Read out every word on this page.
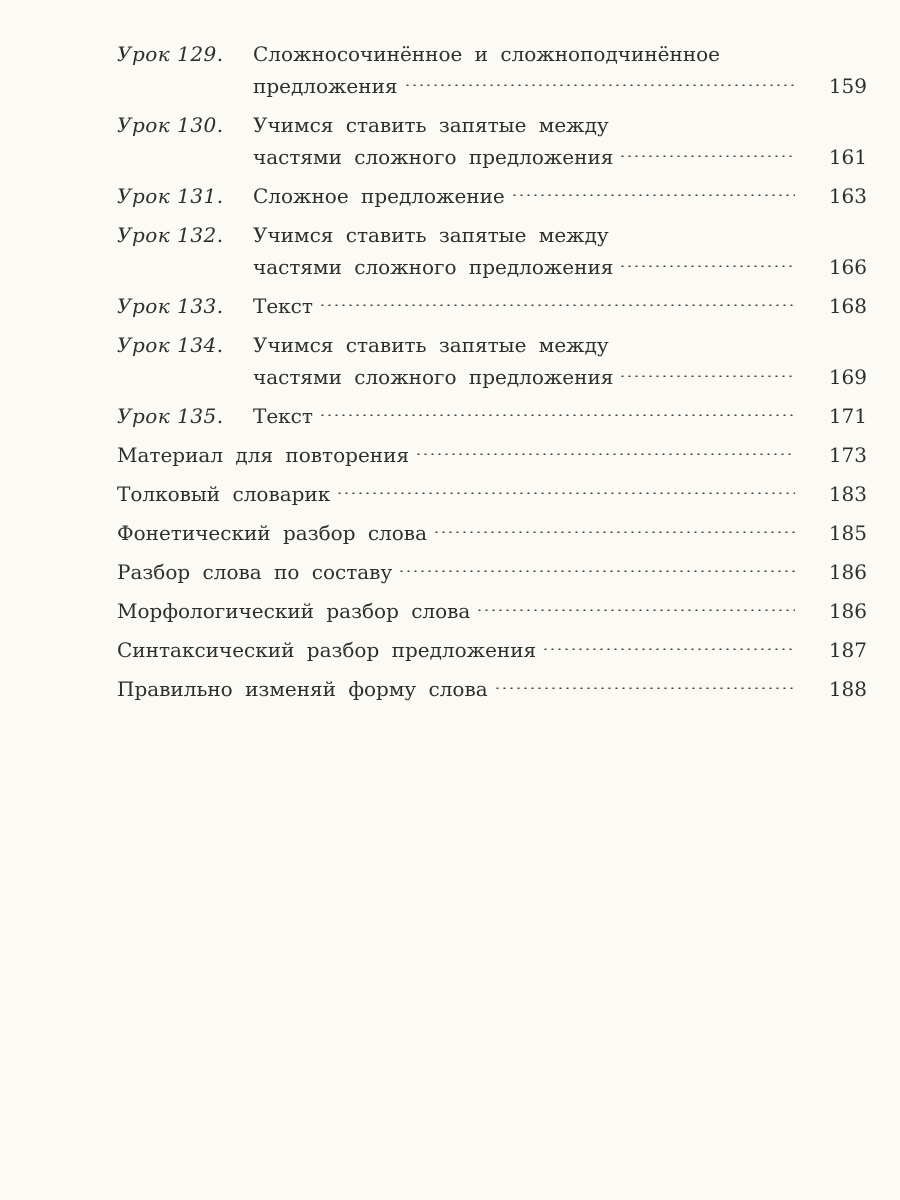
Урок 129.	Сложносочинённое и сложноподчинённое
предложения	159
Урок 130.	Учимся ставить запятые между
частями сложного предложения	161
Урок 131.	Сложное предложение	163
Урок 132.	Учимся ставить запятые между
частями сложного предложения	166
Урок 133.	Текст	168
Урок 134.	Учимся ставить запятые между
частями сложного предложения	169
Урок 135.	Текст	171
Материал для повторения	173
Толковый словарик	183
Фонетический разбор слова	185
Разбор слова по составу	186
Морфологический разбор слова	186
Синтаксический разбор предложения	187
Правильно изменяй форму слова	188
